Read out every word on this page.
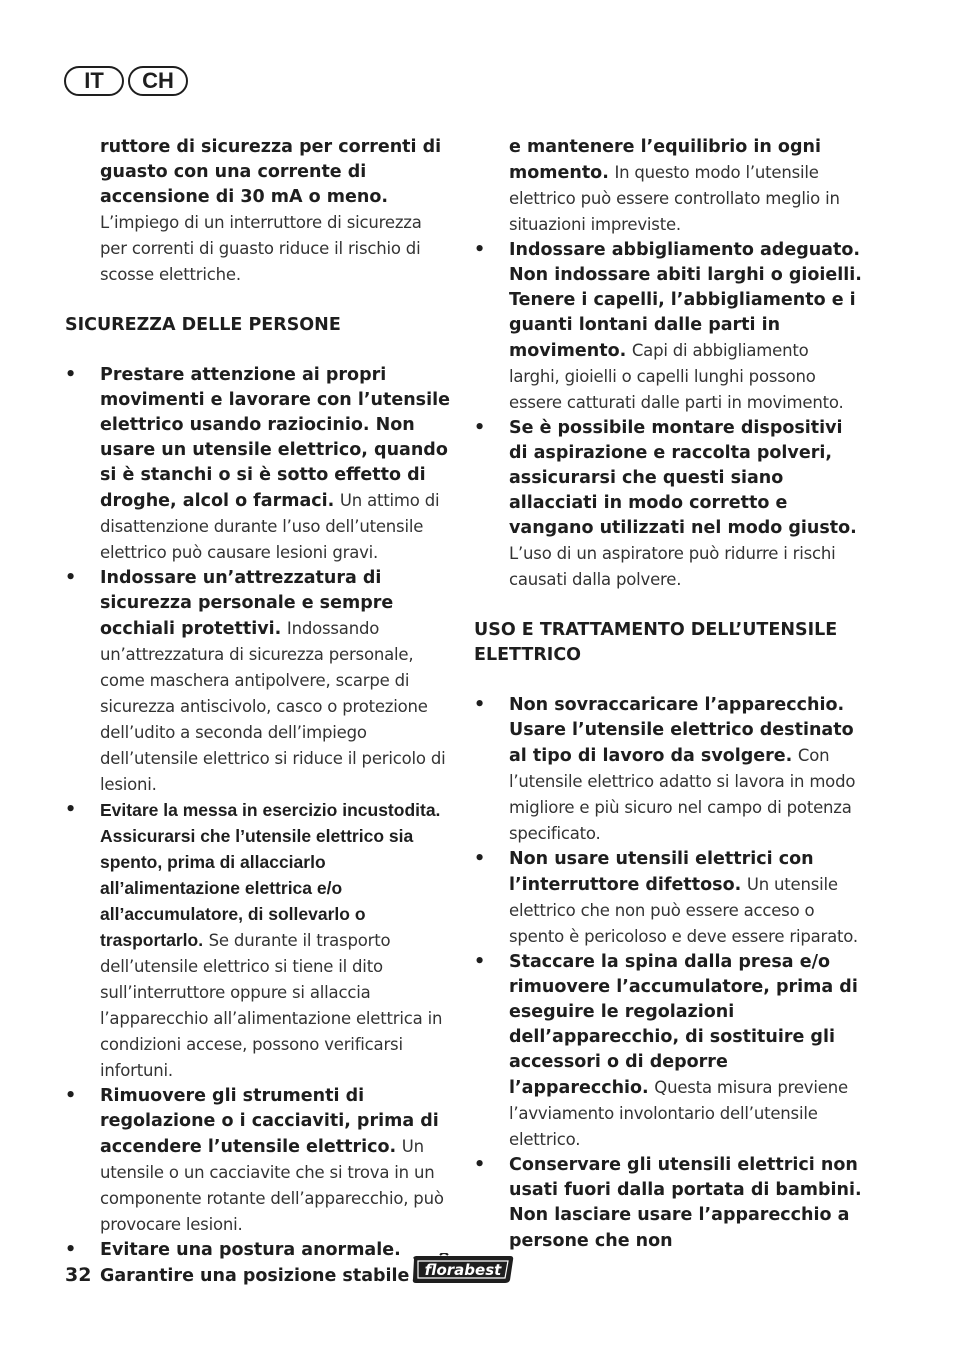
IT	CH
ruttore di sicurezza per correnti di guasto con una corrente di accensione di 30 mA o meno. L’impiego di un interruttore di sicurezza per correnti di guasto riduce il rischio di scosse elettriche.
SICUREZZA DELLE PERSONE
•	Prestare attenzione ai propri movimenti e lavorare con l’utensile elettrico usando raziocinio. Non usare un utensile elettrico, quando si è stanchi o si è sotto effetto di droghe, alcol o farmaci. Un attimo di disattenzione durante l’uso dell’utensile elettrico può causare lesioni gravi.
•	Indossare un’attrezzatura di sicurezza personale e sempre occhiali protettivi. Indossando un’attrezzatura di sicurezza personale, come maschera antipolvere, scarpe di sicurezza antiscivolo, casco o protezione dell’udito a seconda dell’impiego dell’utensile elettrico si riduce il pericolo di lesioni.
•	Evitare la messa in esercizio incustodita. Assicurarsi che l’utensile elettrico sia spento, prima di allacciarlo all’alimentazione elettrica e/o all’accumulatore, di sollevarlo o trasportarlo. Se durante il trasporto dell’utensile elettrico si tiene il dito sull’interruttore oppure si allaccia l’apparecchio all’alimentazione elettrica in condizioni accese, possono verificarsi infortuni.
•	Rimuovere gli strumenti di regolazione o i cacciaviti, prima di accendere l’utensile elettrico. Un utensile o un cacciavite che si trova in un componente rotante dell’apparecchio, può provocare lesioni.
•	Evitare una postura anormale. Garantire una posizione stabile
e mantenere l’equilibrio in ogni momento. In questo modo l’utensile elettrico può essere controllato meglio in situazioni impreviste.
•	Indossare abbigliamento adeguato. Non indossare abiti larghi o gioielli. Tenere i capelli, l’abbigliamento e i guanti lontani dalle parti in movimento. Capi di abbigliamento larghi, gioielli o capelli lunghi possono essere catturati dalle parti in movimento.
•	Se è possibile montare dispositivi di aspirazione e raccolta polveri, assicurarsi che questi siano allacciati in modo corretto e vangano utilizzati nel modo giusto. L’uso di un aspiratore può ridurre i rischi causati dalla polvere.
USO E TRATTAMENTO DELL’UTENSILE ELETTRICO
•	Non sovraccaricare l’apparecchio. Usare l’utensile elettrico destinato al tipo di lavoro da svolgere. Con l’utensile elettrico adatto si lavora in modo migliore e più sicuro nel campo di potenza specificato.
•	Non usare utensili elettrici con l’interruttore difettoso. Un utensile elettrico che non può essere acceso o spento è pericoloso e deve essere riparato.
•	Staccare la spina dalla presa e/o rimuovere l’accumulatore, prima di eseguire le regolazioni dell’apparecchio, di sostituire gli accessori o di deporre l’apparecchio. Questa misura previene l’avviamento involontario dell’utensile elettrico.
•	Conservare gli utensili elettrici non usati fuori dalla portata di bambini. Non lasciare usare l’apparecchio a persone che non
32	florabest
